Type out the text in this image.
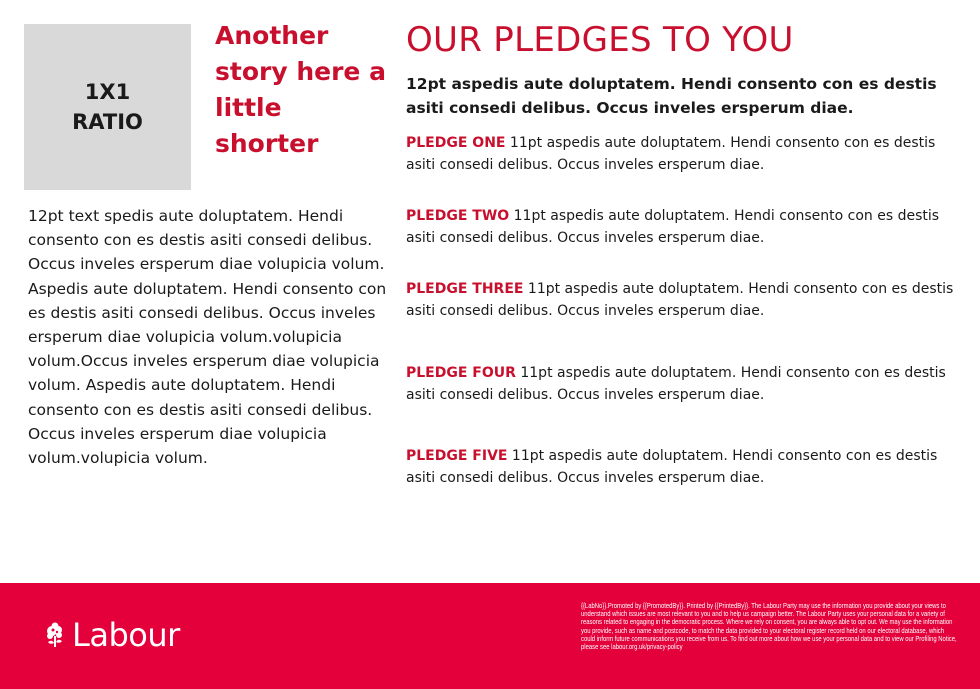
1X1
RATIO
Another story here a little shorter

12pt text spedis aute doluptatem. Hendi consento con es destis asiti consedi delibus. Occus inveles ersperum diae volupicia volum. Aspedis aute doluptatem. Hendi consento con es destis asiti consedi delibus. Occus inveles ersperum diae volupicia volum.volupicia volum.Occus inveles ersperum diae volupicia volum. Aspedis aute doluptatem. Hendi consento con es destis asiti consedi delibus. Occus inveles ersperum diae volupicia volum.volupicia volum.

OUR PLEDGES TO YOU

12pt aspedis aute doluptatem. Hendi consento con es destis asiti consedi delibus. Occus inveles ersperum diae.

PLEDGE ONE 11pt aspedis aute doluptatem. Hendi consento con es destis asiti consedi delibus. Occus inveles ersperum diae.

PLEDGE TWO 11pt aspedis aute doluptatem. Hendi consento con es destis asiti consedi delibus. Occus inveles ersperum diae.

PLEDGE THREE 11pt aspedis aute doluptatem. Hendi consento con es destis asiti consedi delibus. Occus inveles ersperum diae.

PLEDGE FOUR 11pt aspedis aute doluptatem. Hendi consento con es destis asiti consedi delibus. Occus inveles ersperum diae.

PLEDGE FIVE 11pt aspedis aute doluptatem. Hendi consento con es destis asiti consedi delibus. Occus inveles ersperum diae.

Labour

{{LabNo}}.Promoted by {{PromotedBy}}. Printed by {{PrintedBy}}. The Labour Party may use the information you provide about your views to understand which issues are most relevant to you and to help us campaign better. The Labour Party uses your personal data for a variety of reasons related to engaging in the democratic process. Where we rely on consent, you are always able to opt out. We may use the information you provide, such as name and postcode, to match the data provided to your electoral register record held on our electoral database, which could inform future communications you receive from us. To find out more about how we use your personal data and to view our Profiling Notice, please see labour.org.uk/privacy-policy
